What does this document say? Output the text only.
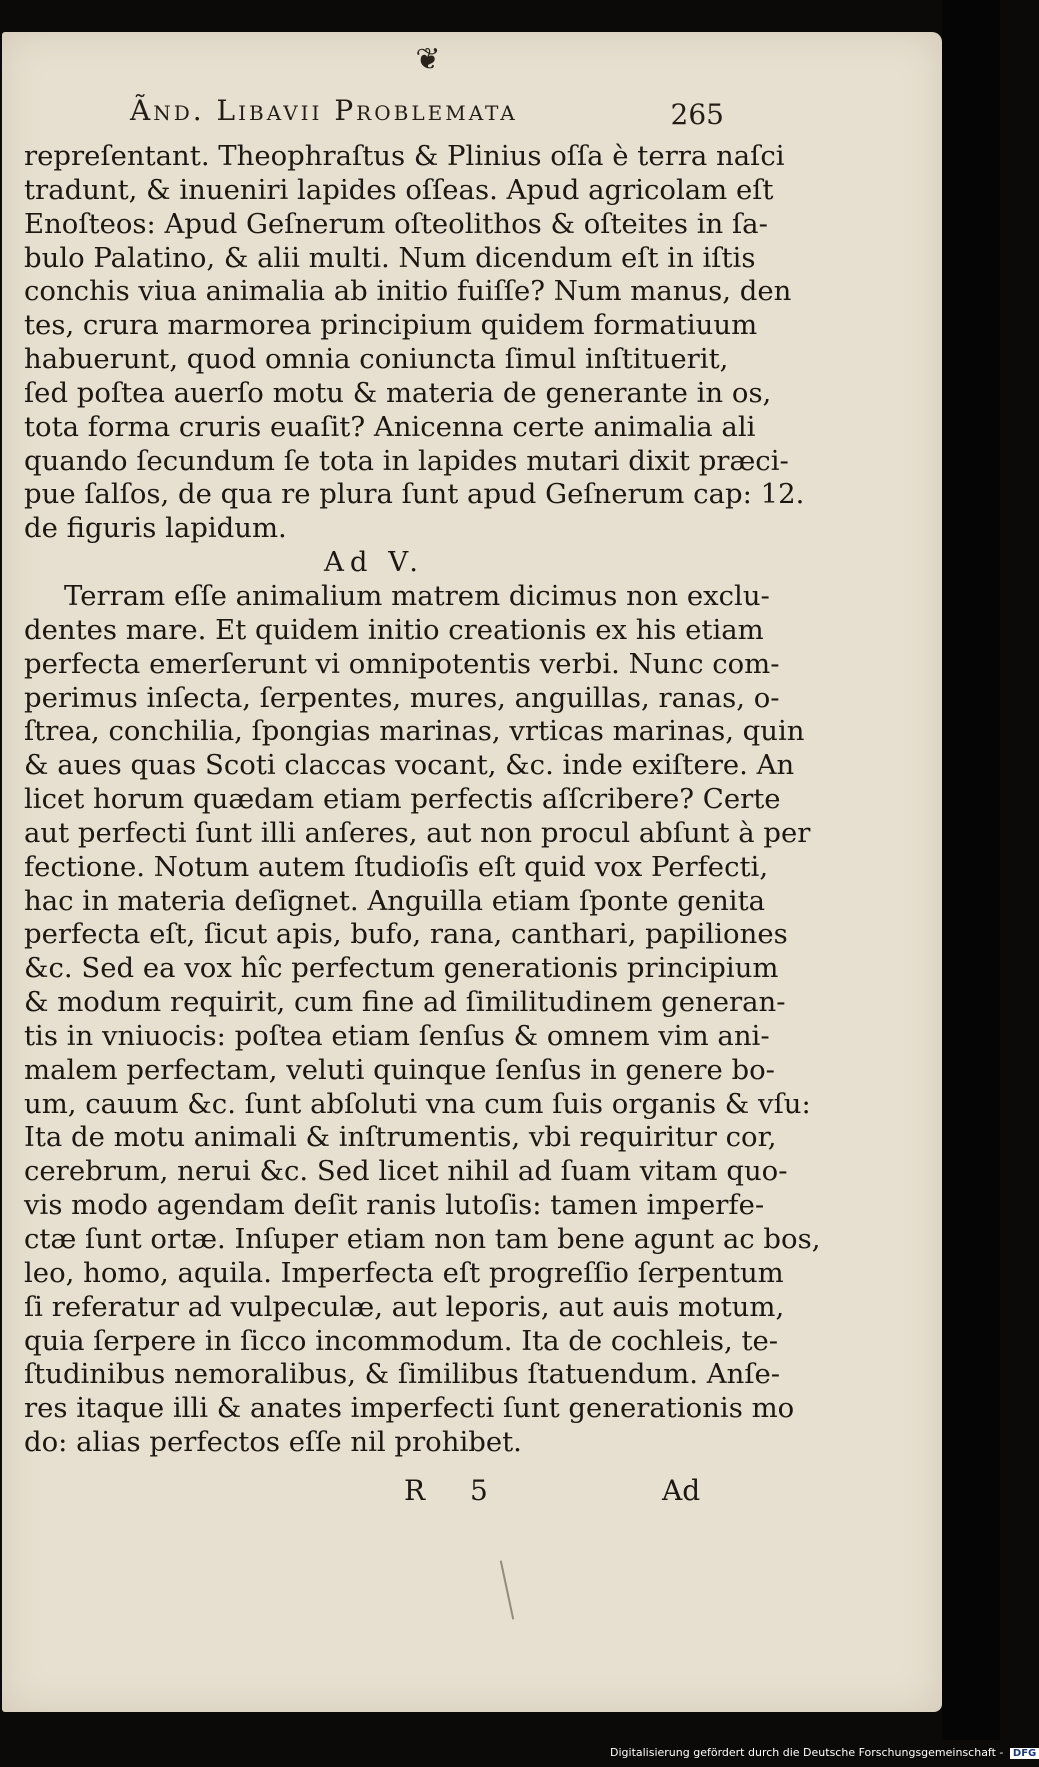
❦
Ãnd. Libavii Problemata	265
repreſentant. Theophraſtus & Plinius oſſa è terra naſci
tradunt, & inueniri lapides oſſeas. Apud agricolam eſt
Enoſteos: Apud Geſnerum oſteolithos & oſteites in ſa-
bulo Palatino, & alii multi. Num dicendum eſt in iſtis
conchis viua animalia ab initio fuiſſe? Num manus, den
tes, crura marmorea principium quidem formatiuum
habuerunt, quod omnia coniuncta ſimul inſtituerit,
ſed poſtea auerſo motu & materia de generante in os,
tota forma cruris euaſit? Anicenna certe animalia ali
quando ſecundum ſe tota in lapides mutari dixit præci-
pue ſalſos, de qua re plura ſunt apud Geſnerum cap: 12.
de figuris lapidum.
Ad V.
Terram eſſe animalium matrem dicimus non exclu-
dentes mare. Et quidem initio creationis ex his etiam
perfecta emerſerunt vi omnipotentis verbi. Nunc com-
perimus inſecta, ſerpentes, mures, anguillas, ranas, o-
ſtrea, conchilia, ſpongias marinas, vrticas marinas, quin
& aues quas Scoti claccas vocant, &c. inde exiſtere. An
licet horum quædam etiam perfectis aſſcribere? Certe
aut perfecti ſunt illi anſeres, aut non procul abſunt à per
fectione. Notum autem ſtudioſis eſt quid vox Perfecti,
hac in materia deſignet. Anguilla etiam ſponte genita
perfecta eſt, ſicut apis, bufo, rana, canthari, papiliones
&c. Sed ea vox hîc perfectum generationis principium
& modum requirit, cum fine ad ſimilitudinem generan-
tis in vniuocis: poſtea etiam ſenſus & omnem vim ani-
malem perfectam, veluti quinque ſenſus in genere bo-
um, cauum &c. ſunt abſoluti vna cum ſuis organis & vſu:
Ita de motu animali & inſtrumentis, vbi requiritur cor,
cerebrum, nerui &c. Sed licet nihil ad ſuam vitam quo-
vis modo agendam deſit ranis lutoſis: tamen imperfe-
ctæ ſunt ortæ. Inſuper etiam non tam bene agunt ac bos,
leo, homo, aquila. Imperfecta eſt progreſſio ſerpentum
ſi referatur ad vulpeculæ, aut leporis, aut auis motum,
quia ſerpere in ſicco incommodum. Ita de cochleis, te-
ſtudinibus nemoralibus, & ſimilibus ſtatuendum. Anſe-
res itaque illi & anates imperfecti ſunt generationis mo
do: alias perfectos eſſe nil prohibet.
R 5	Ad
Digitalisierung gefördert durch die Deutsche Forschungsgemeinschaft - DFG
